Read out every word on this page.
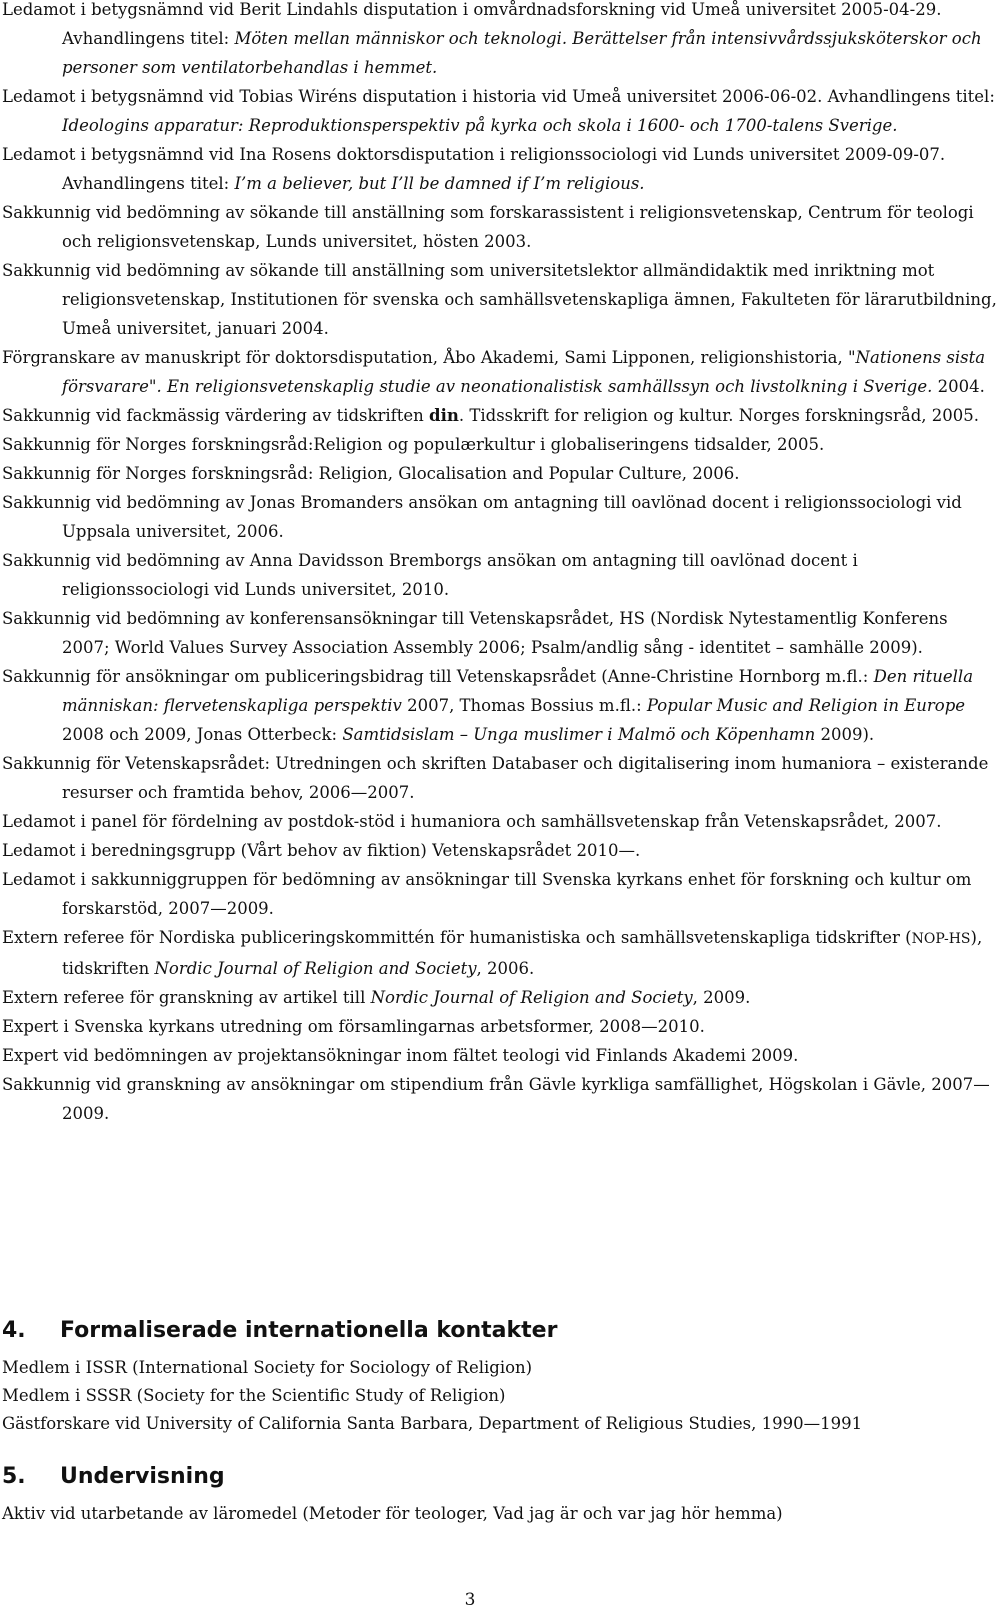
Ledamot i betygsnämnd vid Berit Lindahls disputation i omvårdnadsforskning vid Umeå universitet 2005-04-29. Avhandlingens titel: Möten mellan människor och teknologi. Berättelser från intensivvårdssjuksköterskor och personer som ventilatorbehandlas i hemmet.

Ledamot i betygsnämnd vid Tobias Wiréns disputation i historia vid Umeå universitet 2006-06-02. Avhandlingens titel: Ideologins apparatur: Reproduktionsperspektiv på kyrka och skola i 1600- och 1700-talens Sverige.

Ledamot i betygsnämnd vid Ina Rosens doktorsdisputation i religionssociologi vid Lunds universitet 2009-09-07. Avhandlingens titel: I’m a believer, but I’ll be damned if I’m religious.

Sakkunnig vid bedömning av sökande till anställning som forskarassistent i religionsvetenskap, Centrum för teologi och religionsvetenskap, Lunds universitet, hösten 2003.

Sakkunnig vid bedömning av sökande till anställning som universitetslektor allmändidaktik med inriktning mot religionsvetenskap, Institutionen för svenska och samhällsvetenskapliga ämnen, Fakulteten för lärarutbildning, Umeå universitet, januari 2004.

Förgranskare av manuskript för doktorsdisputation, Åbo Akademi, Sami Lipponen, religionshistoria, "Nationens sista försvarare". En religionsvetenskaplig studie av neonationalistisk samhällssyn och livstolkning i Sverige. 2004.

Sakkunnig vid fackmässig värdering av tidskriften din. Tidsskrift for religion og kultur. Norges forskningsråd, 2005.

Sakkunnig för Norges forskningsråd:Religion og populærkultur i globaliseringens tidsalder, 2005.

Sakkunnig för Norges forskningsråd: Religion, Glocalisation and Popular Culture, 2006.

Sakkunnig vid bedömning av Jonas Bromanders ansökan om antagning till oavlönad docent i religionssociologi vid Uppsala universitet, 2006.

Sakkunnig vid bedömning av Anna Davidsson Bremborgs ansökan om antagning till oavlönad docent i religionssociologi vid Lunds universitet, 2010.

Sakkunnig vid bedömning av konferensansökningar till Vetenskapsrådet, HS (Nordisk Nytestamentlig Konferens 2007; World Values Survey Association Assembly 2006; Psalm/andlig sång - identitet – samhälle 2009).

Sakkunnig för ansökningar om publiceringsbidrag till Vetenskapsrådet (Anne-Christine Hornborg m.fl.: Den rituella människan: flervetenskapliga perspektiv 2007, Thomas Bossius m.fl.: Popular Music and Religion in Europe 2008 och 2009, Jonas Otterbeck: Samtidsislam – Unga muslimer i Malmö och Köpenhamn 2009).

Sakkunnig för Vetenskapsrådet: Utredningen och skriften Databaser och digitalisering inom humaniora – existerande resurser och framtida behov, 2006—2007.

Ledamot i panel för fördelning av postdok-stöd i humaniora och samhällsvetenskap från Vetenskapsrådet, 2007.

Ledamot i beredningsgrupp (Vårt behov av fiktion) Vetenskapsrådet 2010—.

Ledamot i sakkunniggruppen för bedömning av ansökningar till Svenska kyrkans enhet för forskning och kultur om forskarstöd, 2007—2009.

Extern referee för Nordiska publiceringskommittén för humanistiska och samhällsvetenskapliga tidskrifter (NOP-HS), tidskriften Nordic Journal of Religion and Society, 2006.

Extern referee för granskning av artikel till Nordic Journal of Religion and Society, 2009.

Expert i Svenska kyrkans utredning om församlingarnas arbetsformer, 2008—2010.

Expert vid bedömningen av projektansökningar inom fältet teologi vid Finlands Akademi 2009.

Sakkunnig vid granskning av ansökningar om stipendium från Gävle kyrkliga samfällighet, Högskolan i Gävle, 2007—2009.

4. Formaliserade internationella kontakter

Medlem i ISSR (International Society for Sociology of Religion)

Medlem i SSSR (Society for the Scientific Study of Religion)

Gästforskare vid University of California Santa Barbara, Department of Religious Studies, 1990—1991

5. Undervisning

Aktiv vid utarbetande av läromedel (Metoder för teologer, Vad jag är och var jag hör hemma)

3
